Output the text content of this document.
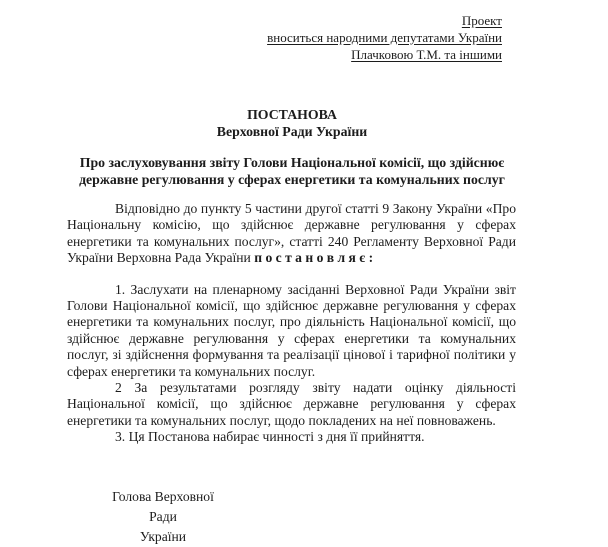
Проект
вноситься народними депутатами України
Плачковою Т.М. та іншими
ПОСТАНОВА
Верховної Ради України
Про заслуховування звіту Голови Національної комісії, що здійснює
державне регулювання у сферах енергетики та комунальних послуг

Відповідно до пункту 5 частини другої статті 9 Закону України «Про Національну комісію, що здійснює державне регулювання у сферах енергетики та комунальних послуг», статті 240 Регламенту Верховної Ради України Верховна Рада України п о с т а н о в л я є :

1. Заслухати на пленарному засіданні Верховної Ради України звіт Голови Національної комісії, що здійснює державне регулювання у сферах енергетики та комунальних послуг, про діяльність Національної комісії, що здійснює державне регулювання у сферах енергетики та комунальних послуг, зі здійснення формування та реалізації цінової і тарифної політики у сферах енергетики та комунальних послуг.

2 За результатами розгляду звіту надати оцінку діяльності Національної комісії, що здійснює державне регулювання у сферах енергетики та комунальних послуг, щодо покладених на неї повноважень.

3. Ця Постанова набирає чинності з дня її прийняття.

Голова Верховної Ради
України
